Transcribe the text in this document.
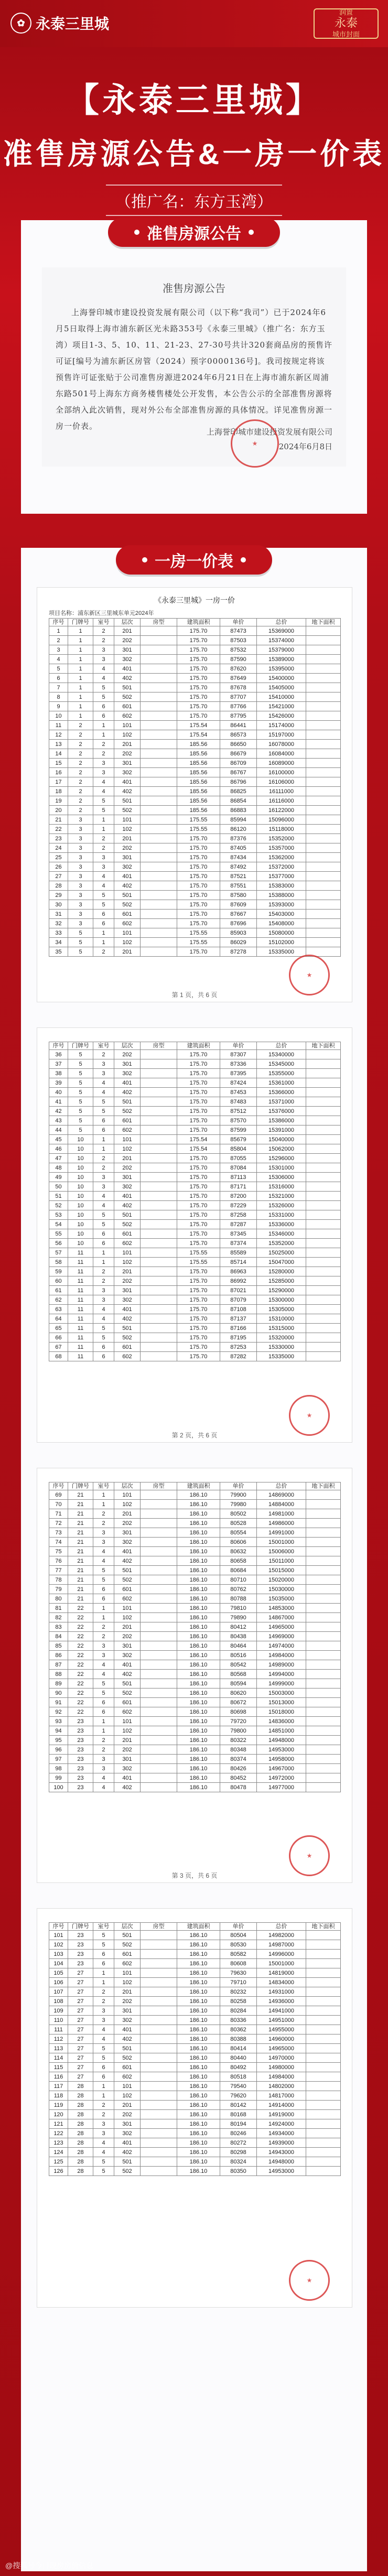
✿ 永泰三里城
润置
永泰
城市封面
【永泰三里城】
准售房源公告&一房一价表
（推广名：东方玉湾）
准售房源公告
准售房源公告
上海誉印城市建设投资发展有限公司（以下称“我司”）已于2024年6月5日取得上海市浦东新区光未路353号《永泰三里城》（推广名：东方玉湾）项目1-3、5、10、11、21-23、27-30号共计320套商品房的预售许可证[编号为浦东新区房管（2024）预字0000136号]。我司按规定将该预售许可证张贴于公司准售房源进2024年6月21日在上海市浦东新区周浦东路501号上海东方商务楼售楼处公开发售，本公告公示的全部准售房源将全部纳入此次销售，现对外公布全部准售房源的具体情况。详见准售房源一房一价表。
上海誉印城市建设投资发展有限公司
2024年6月8日
★
一房一价表
《永泰三里城》一房一价
项目名称：浦东新区三里城东单元2024年
序号	门牌号	室号	层次	房型	建筑面积	单价	总价	地下面积
1	1	2	201		175.70	87473	15369000	
2	1	2	202		175.70	87503	15374000	
3	1	3	301		175.70	87532	15379000	
4	1	3	302		175.70	87590	15389000	
5	1	4	401		175.70	87620	15395000	
6	1	4	402		175.70	87649	15400000	
7	1	5	501		175.70	87678	15405000	
8	1	5	502		175.70	87707	15410000	
9	1	6	601		175.70	87766	15421000	
10	1	6	602		175.70	87795	15426000	
11	2	1	101		175.54	86441	15174000	
12	2	1	102		175.54	86573	15197000	
13	2	2	201		185.56	86650	16078000	
14	2	2	202		185.56	86679	16084000	
15	2	3	301		185.56	86709	16089000	
16	2	3	302		185.56	86767	16100000	
17	2	4	401		185.56	86796	16106000	
18	2	4	402		185.56	86825	16111000	
19	2	5	501		185.56	86854	16116000	
20	2	5	502		185.56	86883	16122000	
21	3	1	101		175.55	85994	15096000	
22	3	1	102		175.55	86120	15118000	
23	3	2	201		175.70	87376	15352000	
24	3	2	202		175.70	87405	15357000	
25	3	3	301		175.70	87434	15362000	
26	3	3	302		175.70	87492	15372000	
27	3	4	401		175.70	87521	15377000	
28	3	4	402		175.70	87551	15383000	
29	3	5	501		175.70	87580	15388000	
30	3	5	502		175.70	87609	15393000	
31	3	6	601		175.70	87667	15403000	
32	3	6	602		175.70	87696	15408000	
33	5	1	101		175.55	85903	15080000	
34	5	1	102		175.55	86029	15102000	
35	5	2	201		175.70	87278	15335000	
第 1 页，共 6 页
★
序号	门牌号	室号	层次	房型	建筑面积	单价	总价	地下面积
36	5	2	202		175.70	87307	15340000	
37	5	3	301		175.70	87336	15345000	
38	5	3	302		175.70	87395	15355000	
39	5	4	401		175.70	87424	15361000	
40	5	4	402		175.70	87453	15366000	
41	5	5	501		175.70	87483	15371000	
42	5	5	502		175.70	87512	15376000	
43	5	6	601		175.70	87570	15386000	
44	5	6	602		175.70	87599	15391000	
45	10	1	101		175.54	85679	15040000	
46	10	1	102		175.54	85804	15062000	
47	10	2	201		175.70	87055	15296000	
48	10	2	202		175.70	87084	15301000	
49	10	3	301		175.70	87113	15306000	
50	10	3	302		175.70	87171	15316000	
51	10	4	401		175.70	87200	15321000	
52	10	4	402		175.70	87229	15326000	
53	10	5	501		175.70	87258	15331000	
54	10	5	502		175.70	87287	15336000	
55	10	6	601		175.70	87345	15346000	
56	10	6	602		175.70	87374	15352000	
57	11	1	101		175.55	85589	15025000	
58	11	1	102		175.55	85714	15047000	
59	11	2	201		175.70	86963	15280000	
60	11	2	202		175.70	86992	15285000	
61	11	3	301		175.70	87021	15290000	
62	11	3	302		175.70	87079	15300000	
63	11	4	401		175.70	87108	15305000	
64	11	4	402		175.70	87137	15310000	
65	11	5	501		175.70	87166	15315000	
66	11	5	502		175.70	87195	15320000	
67	11	6	601		175.70	87253	15330000	
68	11	6	602		175.70	87282	15335000	
第 2 页，共 6 页
★
序号	门牌号	室号	层次	房型	建筑面积	单价	总价	地下面积
69	21	1	101		186.10	79900	14869000	
70	21	1	102		186.10	79980	14884000	
71	21	2	201		186.10	80502	14981000	
72	21	2	202		186.10	80528	14986000	
73	21	3	301		186.10	80554	14991000	
74	21	3	302		186.10	80606	15001000	
75	21	4	401		186.10	80632	15006000	
76	21	4	402		186.10	80658	15011000	
77	21	5	501		186.10	80684	15015000	
78	21	5	502		186.10	80710	15020000	
79	21	6	601		186.10	80762	15030000	
80	21	6	602		186.10	80788	15035000	
81	22	1	101		186.10	79810	14853000	
82	22	1	102		186.10	79890	14867000	
83	22	2	201		186.10	80412	14965000	
84	22	2	202		186.10	80438	14969000	
85	22	3	301		186.10	80464	14974000	
86	22	3	302		186.10	80516	14984000	
87	22	4	401		186.10	80542	14989000	
88	22	4	402		186.10	80568	14994000	
89	22	5	501		186.10	80594	14999000	
90	22	5	502		186.10	80620	15003000	
91	22	6	601		186.10	80672	15013000	
92	22	6	602		186.10	80698	15018000	
93	23	1	101		186.10	79720	14836000	
94	23	1	102		186.10	79800	14851000	
95	23	2	201		186.10	80322	14948000	
96	23	2	202		186.10	80348	14953000	
97	23	3	301		186.10	80374	14958000	
98	23	3	302		186.10	80426	14967000	
99	23	4	401		186.10	80452	14972000	
100	23	4	402		186.10	80478	14977000	
第 3 页，共 6 页
★
序号	门牌号	室号	层次	房型	建筑面积	单价	总价	地下面积
101	23	5	501		186.10	80504	14982000	
102	23	5	502		186.10	80530	14987000	
103	23	6	601		186.10	80582	14996000	
104	23	6	602		186.10	80608	15001000	
105	27	1	101		186.10	79630	14819000	
106	27	1	102		186.10	79710	14834000	
107	27	2	201		186.10	80232	14931000	
108	27	2	202		186.10	80258	14936000	
109	27	3	301		186.10	80284	14941000	
110	27	3	302		186.10	80336	14951000	
111	27	4	401		186.10	80362	14955000	
112	27	4	402		186.10	80388	14960000	
113	27	5	501		186.10	80414	14965000	
114	27	5	502		186.10	80440	14970000	
115	27	6	601		186.10	80492	14980000	
116	27	6	602		186.10	80518	14984000	
117	28	1	101		186.10	79540	14802000	
118	28	1	102		186.10	79620	14817000	
119	28	2	201		186.10	80142	14914000	
120	28	2	202		186.10	80168	14919000	
121	28	3	301		186.10	80194	14924000	
122	28	3	302		186.10	80246	14934000	
123	28	4	401		186.10	80272	14939000	
124	28	4	402		186.10	80298	14943000	
125	28	5	501		186.10	80324	14948000	
126	28	5	502		186.10	80350	14953000	
★
@搜狐号今日现房房价信息
